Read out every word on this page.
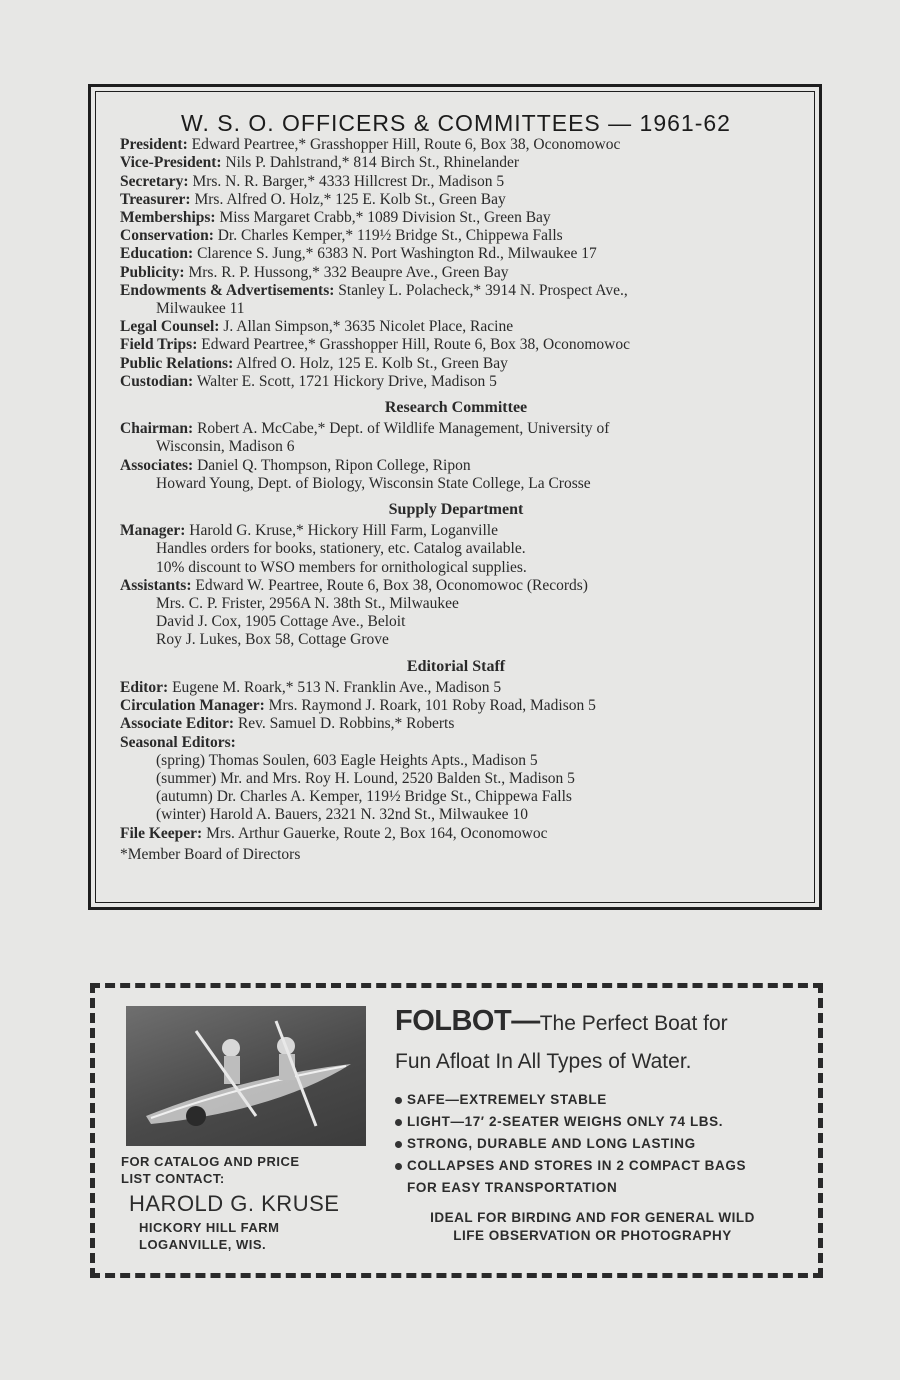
W. S. O. OFFICERS & COMMITTEES — 1961-62
President: Edward Peartree,* Grasshopper Hill, Route 6, Box 38, Oconomowoc
Vice-President: Nils P. Dahlstrand,* 814 Birch St., Rhinelander
Secretary: Mrs. N. R. Barger,* 4333 Hillcrest Dr., Madison 5
Treasurer: Mrs. Alfred O. Holz,* 125 E. Kolb St., Green Bay
Memberships: Miss Margaret Crabb,* 1089 Division St., Green Bay
Conservation: Dr. Charles Kemper,* 119½ Bridge St., Chippewa Falls
Education: Clarence S. Jung,* 6383 N. Port Washington Rd., Milwaukee 17
Publicity: Mrs. R. P. Hussong,* 332 Beaupre Ave., Green Bay
Endowments & Advertisements: Stanley L. Polacheck,* 3914 N. Prospect Ave.,
Milwaukee 11
Legal Counsel: J. Allan Simpson,* 3635 Nicolet Place, Racine
Field Trips: Edward Peartree,* Grasshopper Hill, Route 6, Box 38, Oconomowoc
Public Relations: Alfred O. Holz, 125 E. Kolb St., Green Bay
Custodian: Walter E. Scott, 1721 Hickory Drive, Madison 5
Research Committee
Chairman: Robert A. McCabe,* Dept. of Wildlife Management, University of
Wisconsin, Madison 6
Associates: Daniel Q. Thompson, Ripon College, Ripon
Howard Young, Dept. of Biology, Wisconsin State College, La Crosse
Supply Department
Manager: Harold G. Kruse,* Hickory Hill Farm, Loganville
Handles orders for books, stationery, etc. Catalog available.
10% discount to WSO members for ornithological supplies.
Assistants: Edward W. Peartree, Route 6, Box 38, Oconomowoc (Records)
Mrs. C. P. Frister, 2956A N. 38th St., Milwaukee
David J. Cox, 1905 Cottage Ave., Beloit
Roy J. Lukes, Box 58, Cottage Grove
Editorial Staff
Editor: Eugene M. Roark,* 513 N. Franklin Ave., Madison 5
Circulation Manager: Mrs. Raymond J. Roark, 101 Roby Road, Madison 5
Associate Editor: Rev. Samuel D. Robbins,* Roberts
Seasonal Editors:
(spring) Thomas Soulen, 603 Eagle Heights Apts., Madison 5
(summer) Mr. and Mrs. Roy H. Lound, 2520 Balden St., Madison 5
(autumn) Dr. Charles A. Kemper, 119½ Bridge St., Chippewa Falls
(winter) Harold A. Bauers, 2321 N. 32nd St., Milwaukee 10
File Keeper: Mrs. Arthur Gauerke, Route 2, Box 164, Oconomowoc
*Member Board of Directors
FOR CATALOG AND PRICE
LIST CONTACT:
HAROLD G. KRUSE
HICKORY HILL FARM
LOGANVILLE, WIS.
FOLBOT—The Perfect Boat for
Fun Afloat In All Types of Water.
SAFE—EXTREMELY STABLE
LIGHT—17′ 2-SEATER WEIGHS ONLY 74 LBS.
STRONG, DURABLE AND LONG LASTING
COLLAPSES AND STORES IN 2 COMPACT BAGS
FOR EASY TRANSPORTATION
IDEAL FOR BIRDING AND FOR GENERAL WILD
LIFE OBSERVATION OR PHOTOGRAPHY
